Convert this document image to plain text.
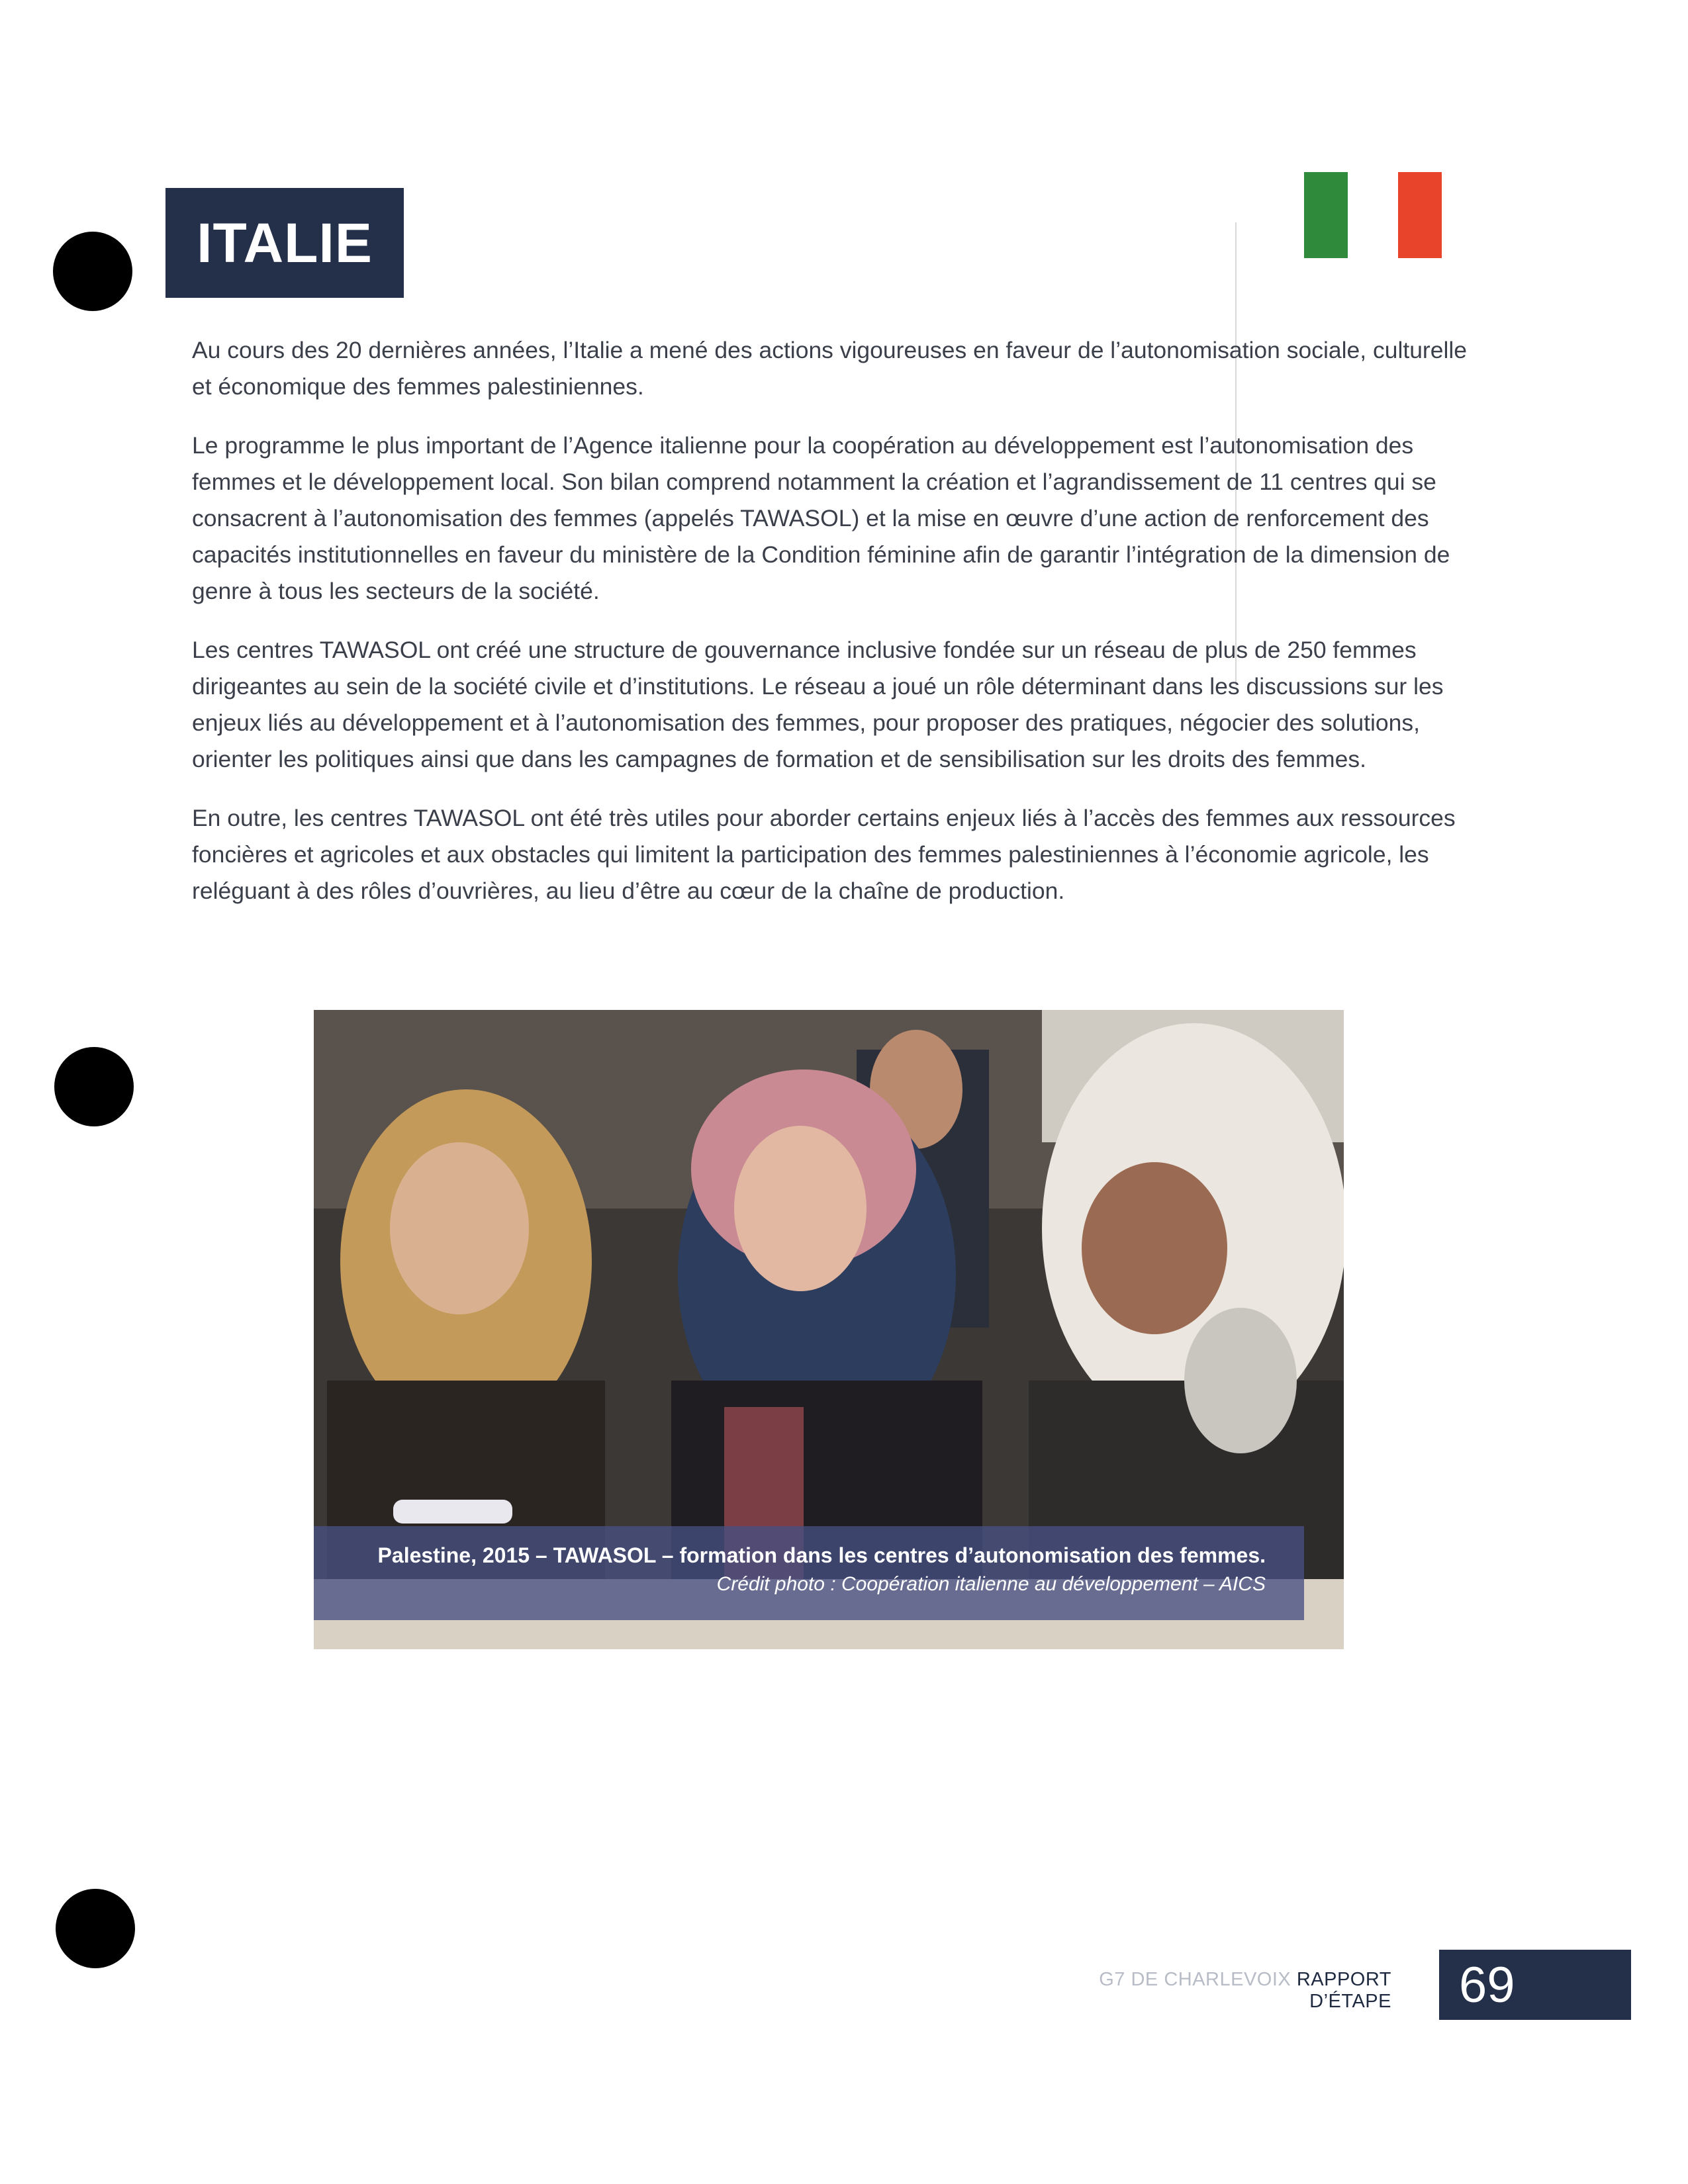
ITALIE

Au cours des 20 dernières années, l’Italie a mené des actions vigoureuses en faveur de l’autonomisation sociale, culturelle et économique des femmes palestiniennes.

Le programme le plus important de l’Agence italienne pour la coopération au développement est l’autonomisation des femmes et le développement local. Son bilan comprend notamment la création et l’agrandissement de 11 centres qui se consacrent à l’autonomisation des femmes (appelés TAWASOL) et la mise en œuvre d’une action de renforcement des capacités institutionnelles en faveur du ministère de la Condition féminine afin de garantir l’intégration de la dimension de genre à tous les secteurs de la société.

Les centres TAWASOL ont créé une structure de gouvernance inclusive fondée sur un réseau de plus de 250 femmes dirigeantes au sein de la société civile et d’institutions. Le réseau a joué un rôle déterminant dans les discussions sur les enjeux liés au développement et à l’autonomisation des femmes, pour proposer des pratiques, négocier des solutions, orienter les politiques ainsi que dans les campagnes de formation et de sensibilisation sur les droits des femmes.

En outre, les centres TAWASOL ont été très utiles pour aborder certains enjeux liés à l’accès des femmes aux ressources foncières et agricoles et aux obstacles qui limitent la participation des femmes palestiniennes à l’économie agricole, les reléguant à des rôles d’ouvrières, au lieu d’être au cœur de la chaîne de production.

Palestine, 2015 – TAWASOL – formation dans les centres d’autonomisation des femmes.
Crédit photo : Coopération italienne au développement – AICS
G7 DE CHARLEVOIX RAPPORT D’ÉTAPE	69
